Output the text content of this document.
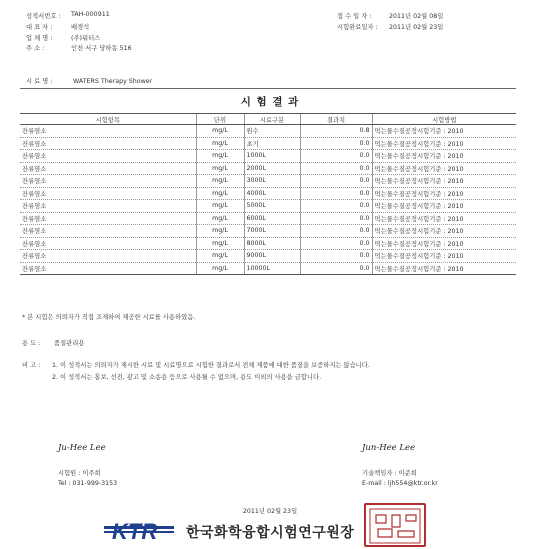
성적서번호 :	TAH-000911
대 표 자 :	배경석
업 체 명 :	(주)워터스
주 소 :	인천 서구 당하동 516
접 수 일 자 :	2011년 02월 08일
시험완료일자 :	2011년 02월 23일
시 료 명 :	WATERS Therapy Shower
시 험 결 과
시험항목	단위	시료구분	결과치	시험방법
잔류염소	mg/L	원수	0.8	먹는물수질공정시험기준 : 2010
잔류염소	mg/L	초기	0.0	먹는물수질공정시험기준 : 2010
잔류염소	mg/L	1000L	0.0	먹는물수질공정시험기준 : 2010
잔류염소	mg/L	2000L	0.0	먹는물수질공정시험기준 : 2010
잔류염소	mg/L	3000L	0.0	먹는물수질공정시험기준 : 2010
잔류염소	mg/L	4000L	0.0	먹는물수질공정시험기준 : 2010
잔류염소	mg/L	5000L	0.0	먹는물수질공정시험기준 : 2010
잔류염소	mg/L	6000L	0.0	먹는물수질공정시험기준 : 2010
잔류염소	mg/L	7000L	0.0	먹는물수질공정시험기준 : 2010
잔류염소	mg/L	8000L	0.0	먹는물수질공정시험기준 : 2010
잔류염소	mg/L	9000L	0.0	먹는물수질공정시험기준 : 2010
잔류염소	mg/L	10000L	0.0	먹는물수질공정시험기준 : 2010
* 본 시험은 의뢰자가 직접 조제하여 제공한 시료를 사용하였음.
용 도 : 품질관리용
비 고 : 1. 이 성적서는 의뢰자가 제시한 시료 및 시료명으로 시험한 결과로서 전체 제품에 대한 품질을 보증하지는 않습니다.
2. 이 성적서는 홍보, 선전, 광고 및 소송용 등으로 사용될 수 없으며, 용도 이외의 사용을 금합니다.
Ju-Hee Lee
시험원 : 이주희
Tel : 031-999-3153
Jun-Hee Lee
기술책임자 : 이준희
E-mail : ljh554@ktr.or.kr
2011년 02월 23일
KTR 한국화학융합시험연구원장
